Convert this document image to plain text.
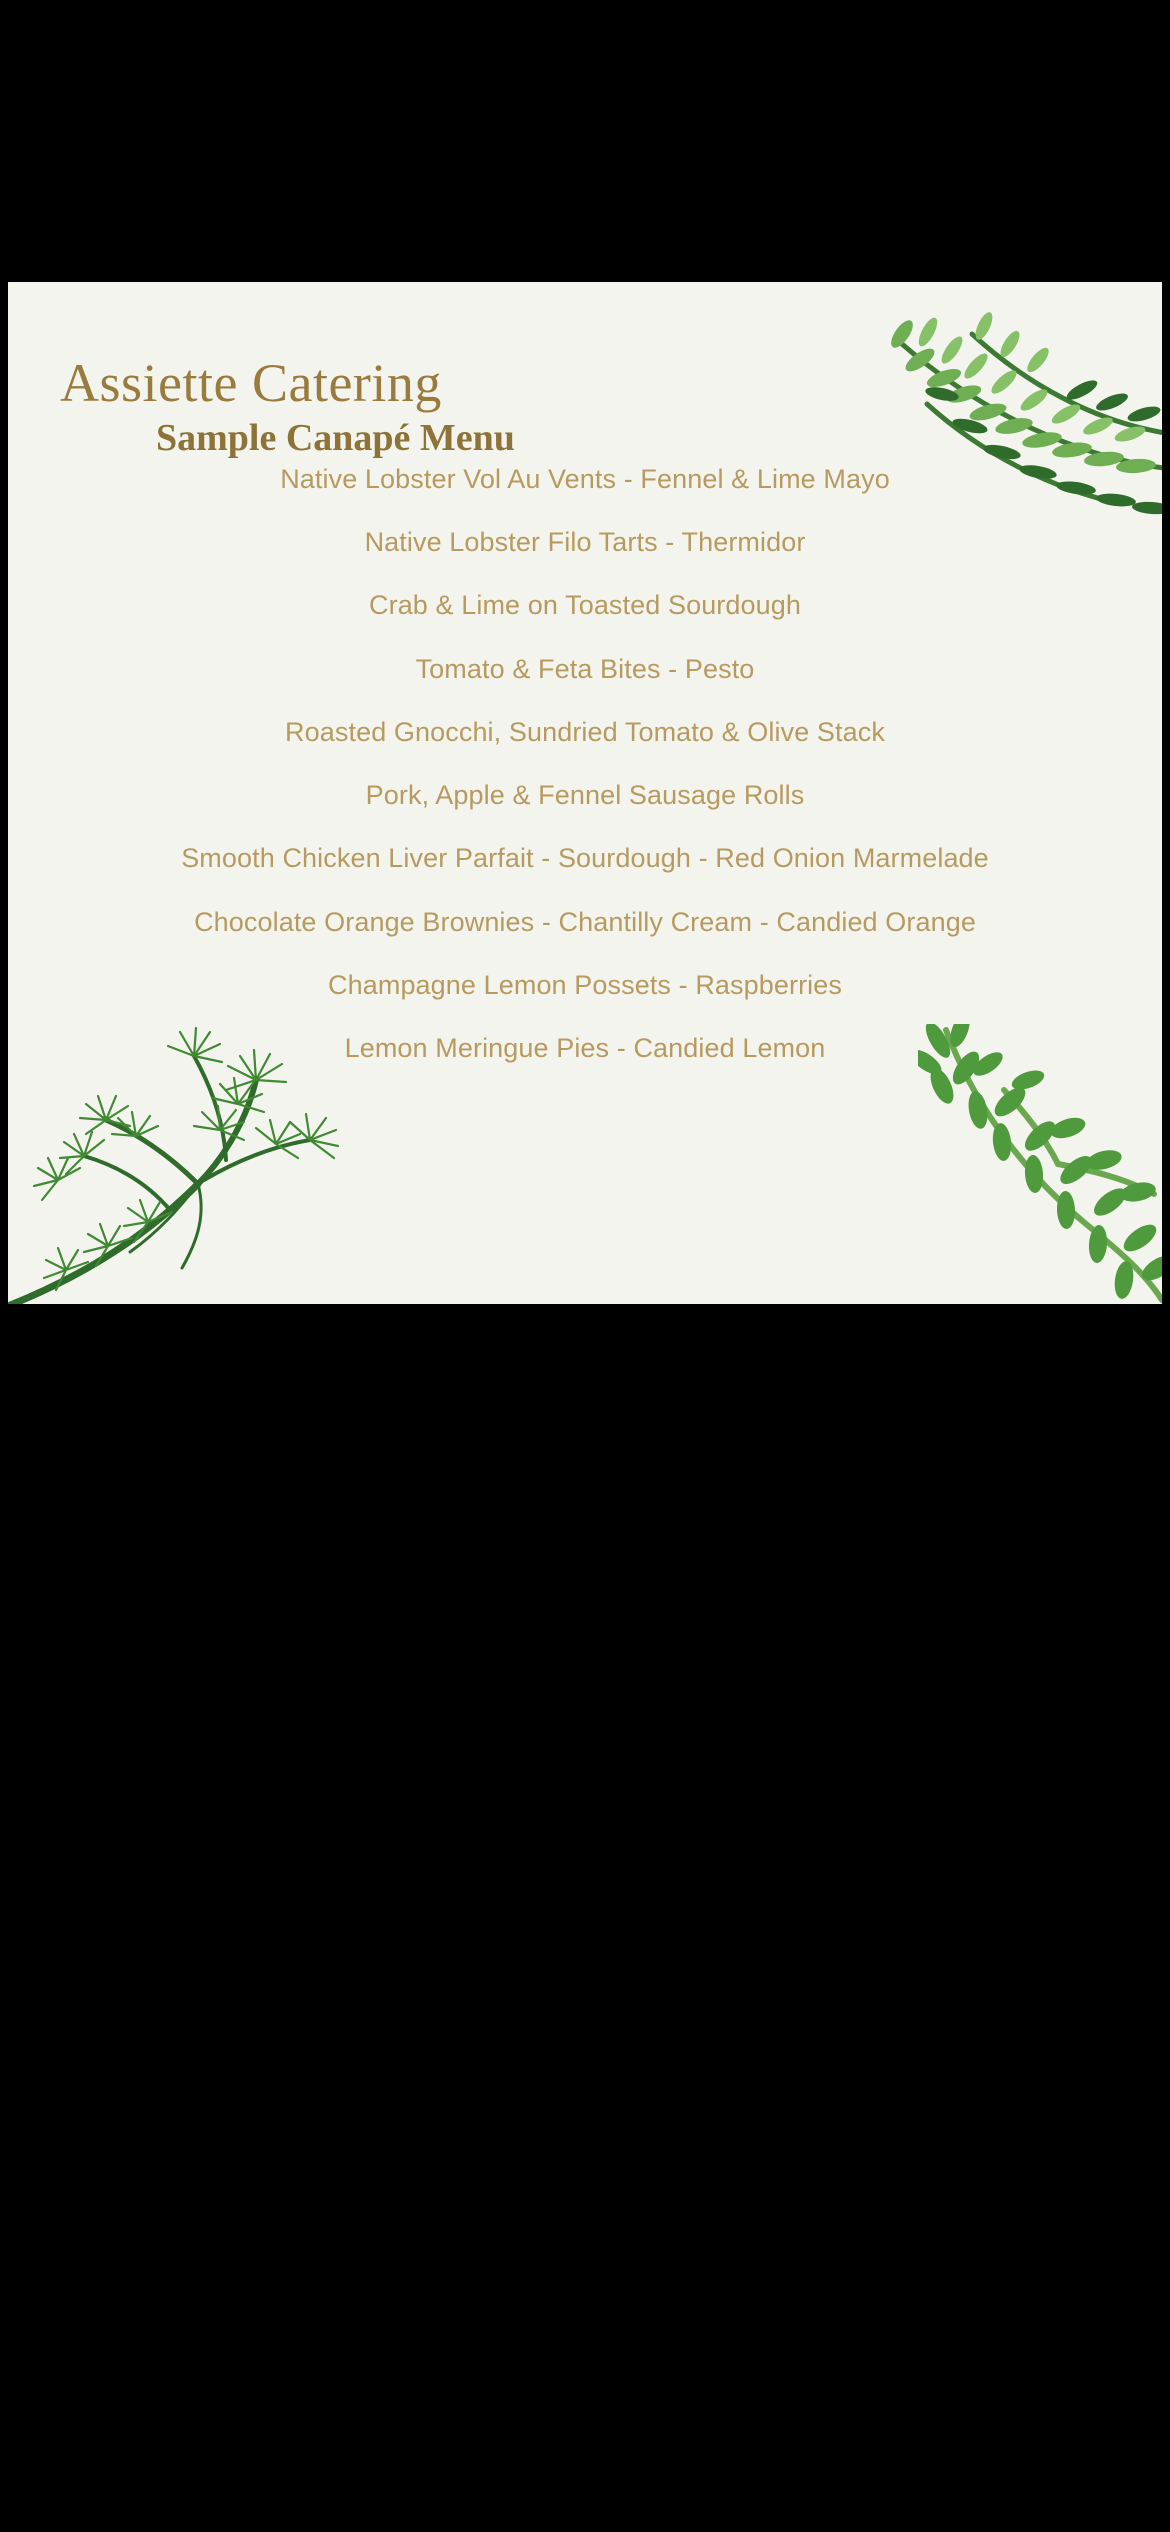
Assiette Catering
Sample Canapé Menu
Native Lobster Vol Au Vents - Fennel & Lime Mayo
Native Lobster Filo Tarts - Thermidor
Crab & Lime on Toasted Sourdough
Tomato & Feta Bites - Pesto
Roasted Gnocchi, Sundried Tomato & Olive Stack
Pork, Apple & Fennel Sausage Rolls
Smooth Chicken Liver Parfait - Sourdough - Red Onion Marmelade
Chocolate Orange Brownies - Chantilly Cream - Candied Orange
Champagne Lemon Possets - Raspberries
Lemon Meringue Pies - Candied Lemon
